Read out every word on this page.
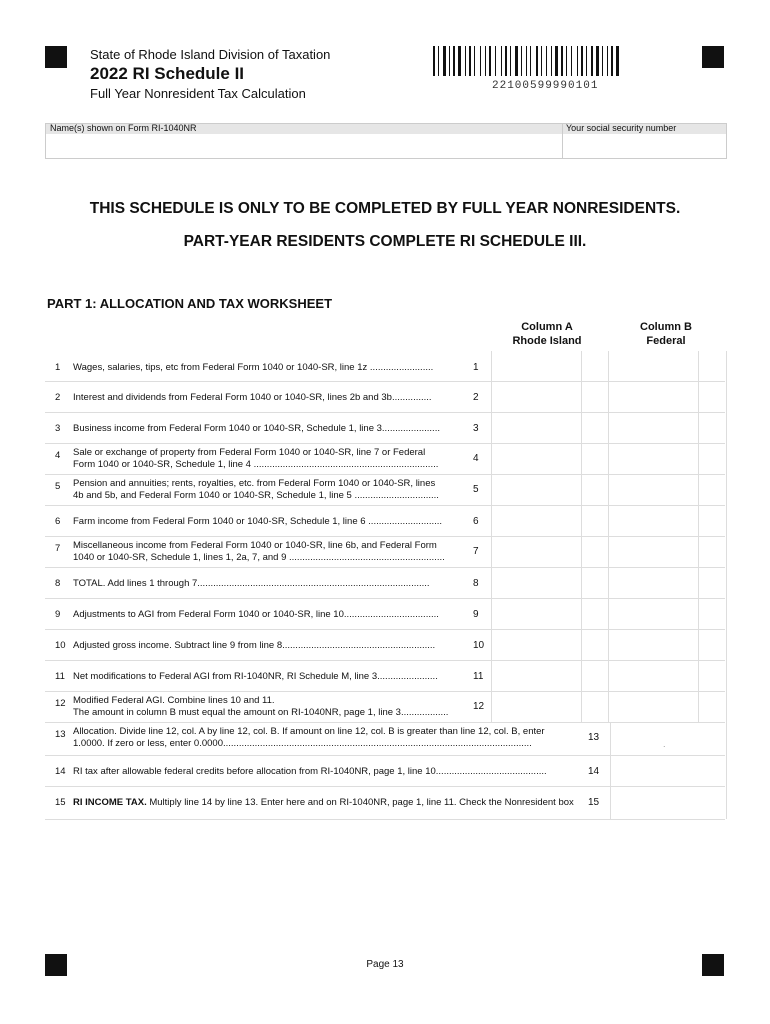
State of Rhode Island Division of Taxation
2022 RI Schedule II
Full Year Nonresident Tax Calculation	22100599990101
Name(s) shown on Form RI-1040NR	Your social security number
THIS SCHEDULE IS ONLY TO BE COMPLETED BY FULL YEAR NONRESIDENTS.
PART-YEAR RESIDENTS COMPLETE RI SCHEDULE III.
PART 1: ALLOCATION AND TAX WORKSHEET
Column A
Rhode Island
Column B
Federal
1 Wages, salaries, tips, etc from Federal Form 1040 or 1040-SR, line 1z ........................	1
2 Interest and dividends from Federal Form 1040 or 1040-SR, lines 2b and 3b...............	2
3 Business income from Federal Form 1040 or 1040-SR, Schedule 1, line 3......................	3
4 Sale or exchange of property from Federal Form 1040 or 1040-SR, line 7 or Federal
Form 1040 or 1040-SR, Schedule 1, line 4 ......................................................................
4
5 Pension and annuities; rents, royalties, etc. from Federal Form 1040 or 1040-SR, lines
4b and 5b, and Federal Form 1040 or 1040-SR, Schedule 1, line 5 ................................
5
6 Farm income from Federal Form 1040 or 1040-SR, Schedule 1, line 6 ............................	6
7 Miscellaneous income from Federal Form 1040 or 1040-SR, line 6b, and Federal Form
1040 or 1040-SR, Schedule 1, lines 1, 2a, 7, and 9 ...........................................................
7
8 TOTAL. Add lines 1 through 7........................................................................................	8
9 Adjustments to AGI from Federal Form 1040 or 1040-SR, line 10....................................	9
10 Adjusted gross income. Subtract line 9 from line 8..........................................................	10
11 Net modifications to Federal AGI from RI-1040NR, RI Schedule M, line 3.......................	11
12 Modified Federal AGI. Combine lines 10 and 11.
The amount in column B must equal the amount on RI-1040NR, page 1, line 3..................
12
13 Allocation. Divide line 12, col. A by line 12, col. B. If amount on line 12, col. B is greater than line 12, col. B, enter
1.0000. If zero or less, enter 0.0000.....................................................................................................................
13
.
14 RI tax after allowable federal credits before allocation from RI-1040NR, page 1, line 10..........................................	14
15 RI INCOME TAX. Multiply line 14 by line 13. Enter here and on RI-1040NR, page 1, line 11. Check the Nonresident box 15
Page 13
